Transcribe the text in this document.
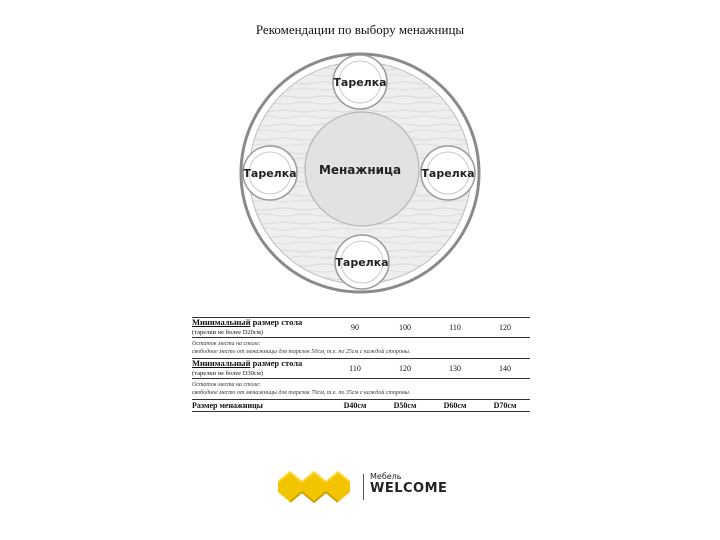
Рекомендации по выбору менажницы
Менажница
Тарелка
Тарелка	Тарелка
Тарелка
Минимальный размер стола
(тарелки не более D20см)	90	100	110	120
Остаток места на столе:
свободное место от менажницы для тарелок 50см, т.е. по 25см с каждой стороны.				
Минимальный размер стола
(тарелки не более D30см)	110	120	130	140
Остаток места на столе:
свободное место от менажницы для тарелок 70см, т.е. по 35см с каждой стороны.				
Размер менажницы	D40см	D50см	D60см	D70см
Мебель
WELCOME
